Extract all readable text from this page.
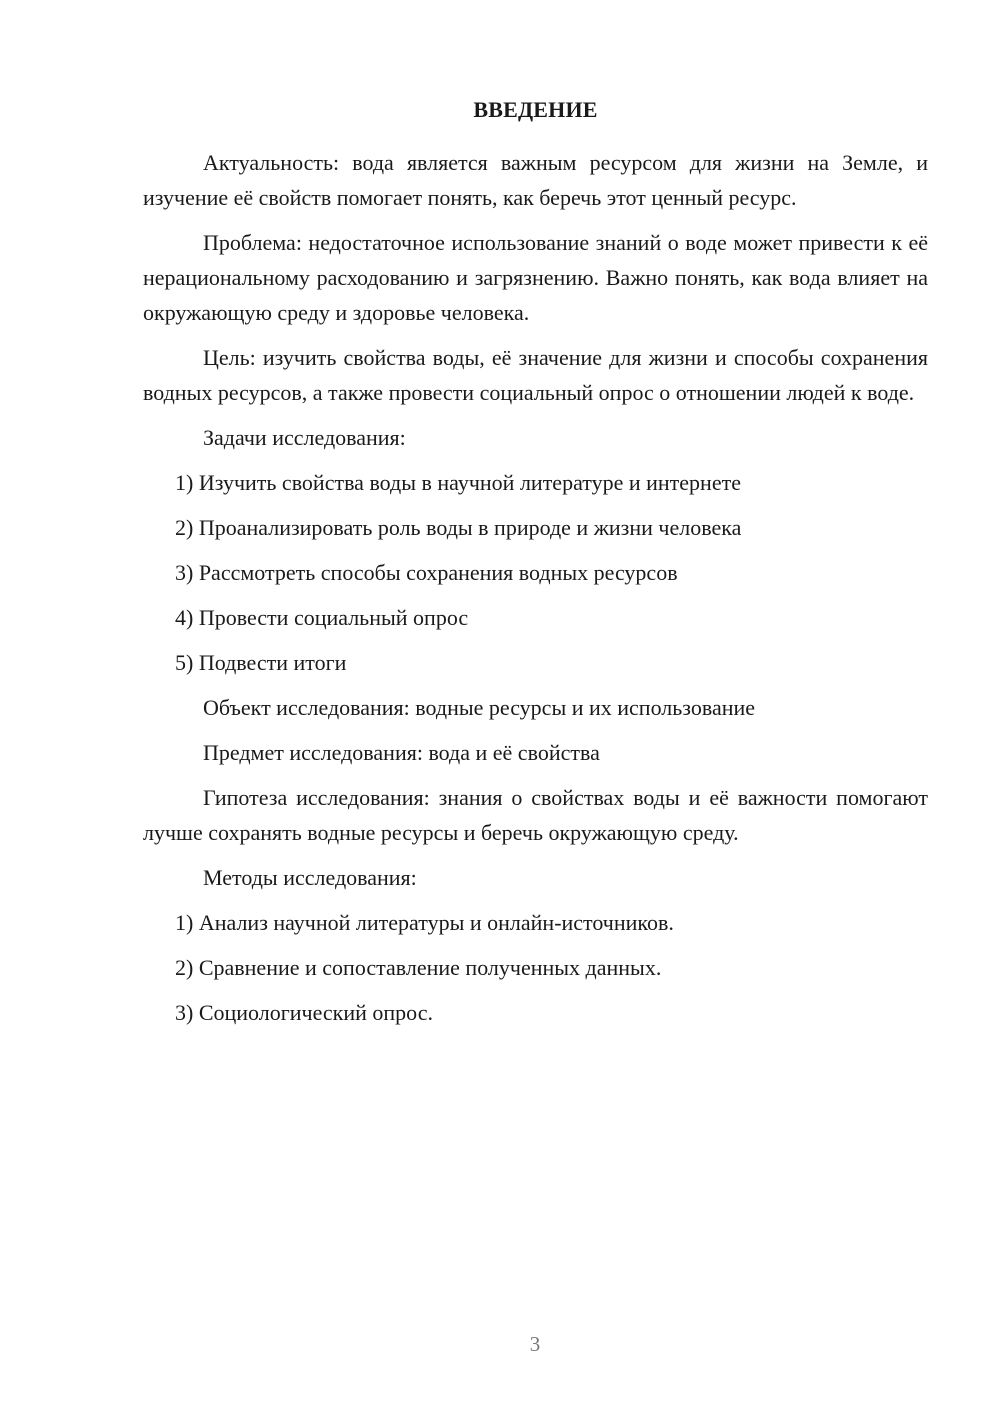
ВВЕДЕНИЕ

Актуальность: вода является важным ресурсом для жизни на Земле, и изучение её свойств помогает понять, как беречь этот ценный ресурс.

Проблема: недостаточное использование знаний о воде может привести к её нерациональному расходованию и загрязнению. Важно понять, как вода влияет на окружающую среду и здоровье человека.

Цель: изучить свойства воды, её значение для жизни и способы сохранения водных ресурсов, а также провести социальный опрос о отношении людей к воде.

Задачи исследования:

1) Изучить свойства воды в научной литературе и интернете
2) Проанализировать роль воды в природе и жизни человека
3) Рассмотреть способы сохранения водных ресурсов
4) Провести социальный опрос
5) Подвести итоги

Объект исследования: водные ресурсы и их использование

Предмет исследования: вода и её свойства

Гипотеза исследования: знания о свойствах воды и её важности помогают лучше сохранять водные ресурсы и беречь окружающую среду.

Методы исследования:

1) Анализ научной литературы и онлайн-источников.
2) Сравнение и сопоставление полученных данных.
3) Социологический опрос.
3
